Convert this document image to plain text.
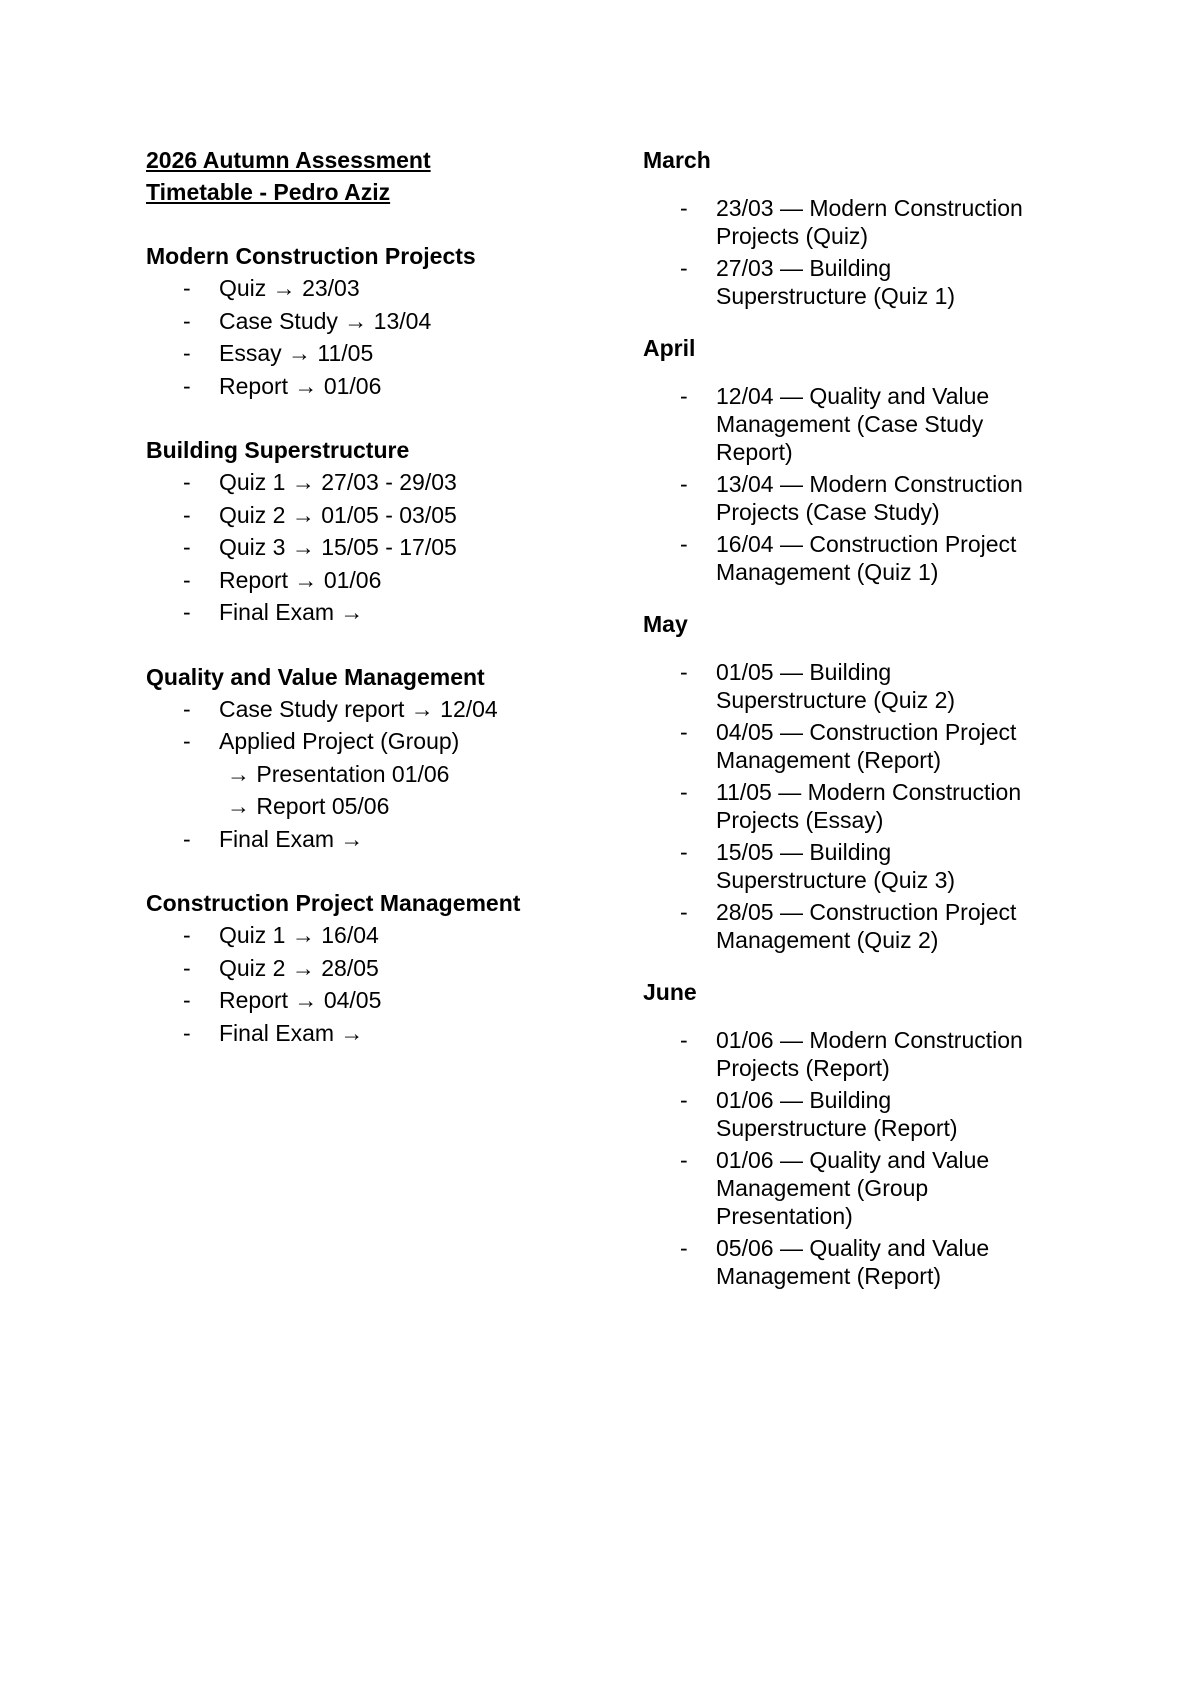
2026 Autumn Assessment
Timetable - Pedro Aziz
Modern Construction Projects
- Quiz → 23/03
- Case Study → 13/04
- Essay → 11/05
- Report → 01/06
Building Superstructure
- Quiz 1 → 27/03 - 29/03
- Quiz 2 → 01/05 - 03/05
- Quiz 3 → 15/05 - 17/05
- Report → 01/06
- Final Exam →
Quality and Value Management
- Case Study report → 12/04
- Applied Project (Group)
→ Presentation 01/06
→ Report 05/06
- Final Exam →
Construction Project Management
- Quiz 1 → 16/04
- Quiz 2 → 28/05
- Report → 04/05
- Final Exam →
March
- 23/03 — Modern Construction
Projects (Quiz)
- 27/03 — Building
Superstructure (Quiz 1)
April
- 12/04 — Quality and Value
Management (Case Study
Report)
- 13/04 — Modern Construction
Projects (Case Study)
- 16/04 — Construction Project
Management (Quiz 1)
May
- 01/05 — Building
Superstructure (Quiz 2)
- 04/05 — Construction Project
Management (Report)
- 11/05 — Modern Construction
Projects (Essay)
- 15/05 — Building
Superstructure (Quiz 3)
- 28/05 — Construction Project
Management (Quiz 2)
June
- 01/06 — Modern Construction
Projects (Report)
- 01/06 — Building
Superstructure (Report)
- 01/06 — Quality and Value
Management (Group
Presentation)
- 05/06 — Quality and Value
Management (Report)
